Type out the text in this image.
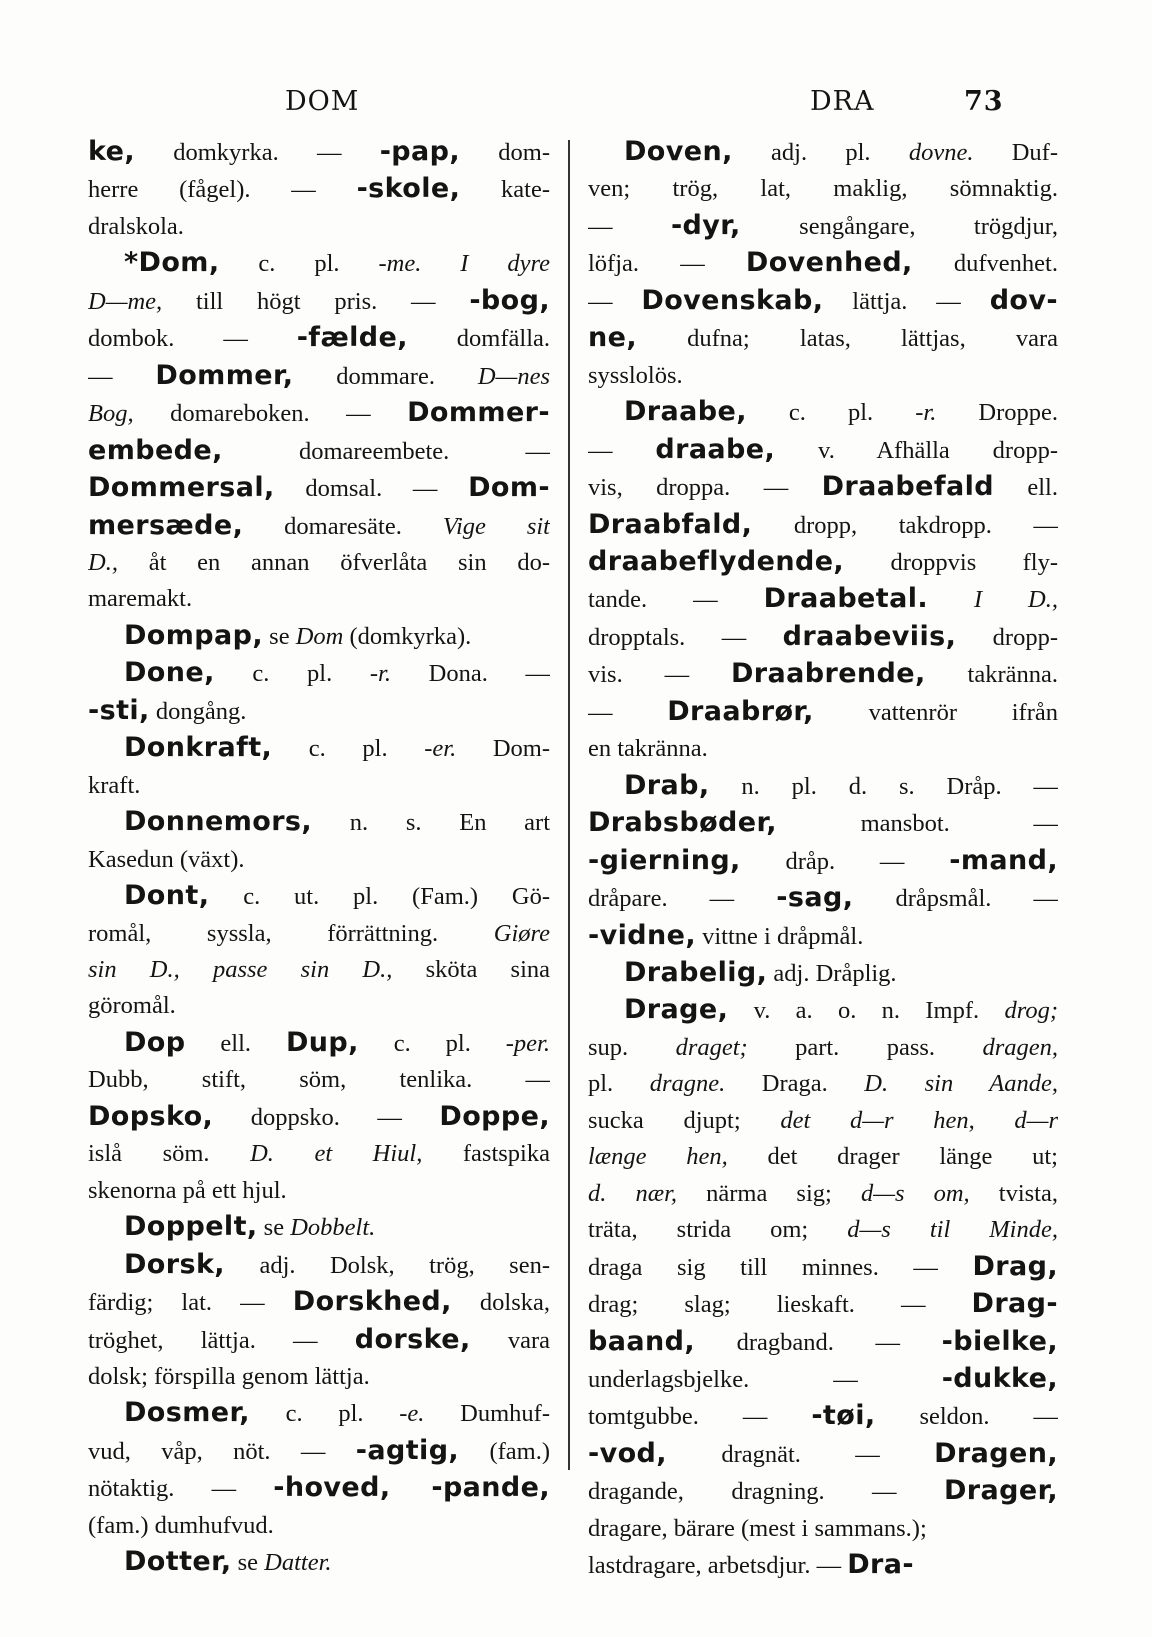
DOM	DRA	73
ke, domkyrka. — -pap, dom-
herre (fågel). — -skole, kate-
dralskola.
*Dom, c. pl. -me. I dyre
D—me, till högt pris. — -bog,
dombok. — -fælde, domfälla.
— Dommer, dommare. D—nes
Bog, domareboken. — Dommer-
embede, domareembete. —
Dommersal, domsal. — Dom-
mersæde, domaresäte. Vige sit
D., åt en annan öfverlåta sin do-
maremakt.
Dompap, se Dom (domkyrka).
Done, c. pl. -r. Dona. —
-sti, dongång.
Donkraft, c. pl. -er. Dom-
kraft.
Donnemors, n. s. En art
Kasedun (växt).
Dont, c. ut. pl. (Fam.) Gö-
romål, syssla, förrättning. Giøre
sin D., passe sin D., sköta sina
göromål.
Dop ell. Dup, c. pl. -per.
Dubb, stift, söm, tenlika. —
Dopsko, doppsko. — Doppe,
islå söm. D. et Hiul, fastspika
skenorna på ett hjul.
Doppelt, se Dobbelt.
Dorsk, adj. Dolsk, trög, sen-
färdig; lat. — Dorskhed, dolska,
tröghet, lättja. — dorske, vara
dolsk; förspilla genom lättja.
Dosmer, c. pl. -e. Dumhuf-
vud, våp, nöt. — -agtig, (fam.)
nötaktig. — -hoved, -pande,
(fam.) dumhufvud.
Dotter, se Datter.
Doven, adj. pl. dovne. Duf-
ven; trög, lat, maklig, sömnaktig.
— -dyr, sengångare, trögdjur,
löfja. — Dovenhed, dufvenhet.
— Dovenskab, lättja. — dov-
ne, dufna; latas, lättjas, vara
sysslolös.
Draabe, c. pl. -r. Droppe.
— draabe, v. Afhälla dropp-
vis, droppa. — Draabefald ell.
Draabfald, dropp, takdropp. —
draabeflydende, droppvis fly-
tande. — Draabetal. I D.,
dropptals. — draabeviis, dropp-
vis. — Draabrende, takränna.
— Draabrør, vattenrör ifrån
en takränna.
Drab, n. pl. d. s. Dråp. —
Drabsbøder, mansbot. —
-gierning, dråp. — -mand,
dråpare. — -sag, dråpsmål. —
-vidne, vittne i dråpmål.
Drabelig, adj. Dråplig.
Drage, v. a. o. n. Impf. drog;
sup. draget; part. pass. dragen,
pl. dragne. Draga. D. sin Aande,
sucka djupt; det d—r hen, d—r
længe hen, det drager länge ut;
d. nær, närma sig; d—s om, tvista,
träta, strida om; d—s til Minde,
draga sig till minnes. — Drag,
drag; slag; lieskaft. — Drag-
baand, dragband. — -bielke,
underlagsbjelke. — -dukke,
tomtgubbe. — -tøi, seldon. —
-vod, dragnät. — Dragen,
dragande, dragning. — Drager,
dragare, bärare (mest i sammans.);
lastdragare, arbetsdjur. — Dra-
